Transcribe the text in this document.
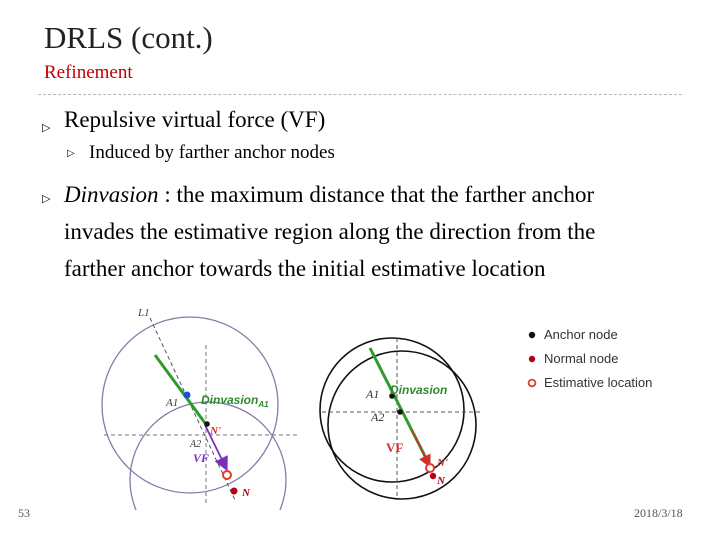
DRLS (cont.)
Refinement
▷ Repulsive virtual force (VF)
▷ Induced by farther anchor nodes
▷ Dinvasion : the maximum distance that the farther anchor invades the estimative region along the direction from the farther anchor towards the initial estimative location
L1
A1
A2
Dinvasion$_{A1}$
N'
VF
N
A1
A2
Dinvasion
VF
N'
N
Anchor node
Normal node
Estimative location
53	2018/3/18
